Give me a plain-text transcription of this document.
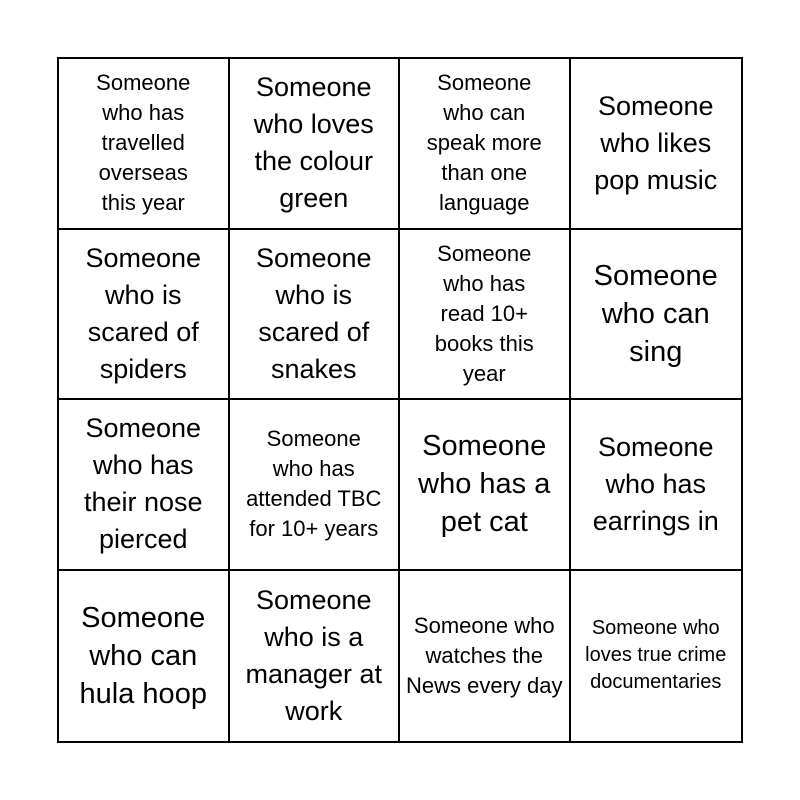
Someone who has travelled overseas this year
Someone who loves the colour green
Someone who can speak more than one language
Someone who likes pop music
Someone who is scared of spiders
Someone who is scared of snakes
Someone who has read 10+ books this year
Someone who can sing
Someone who has their nose pierced
Someone who has attended TBC for 10+ years
Someone who has a pet cat
Someone who has earrings in
Someone who can hula hoop
Someone who is a manager at work
Someone who watches the News every day
Someone who loves true crime documentaries
